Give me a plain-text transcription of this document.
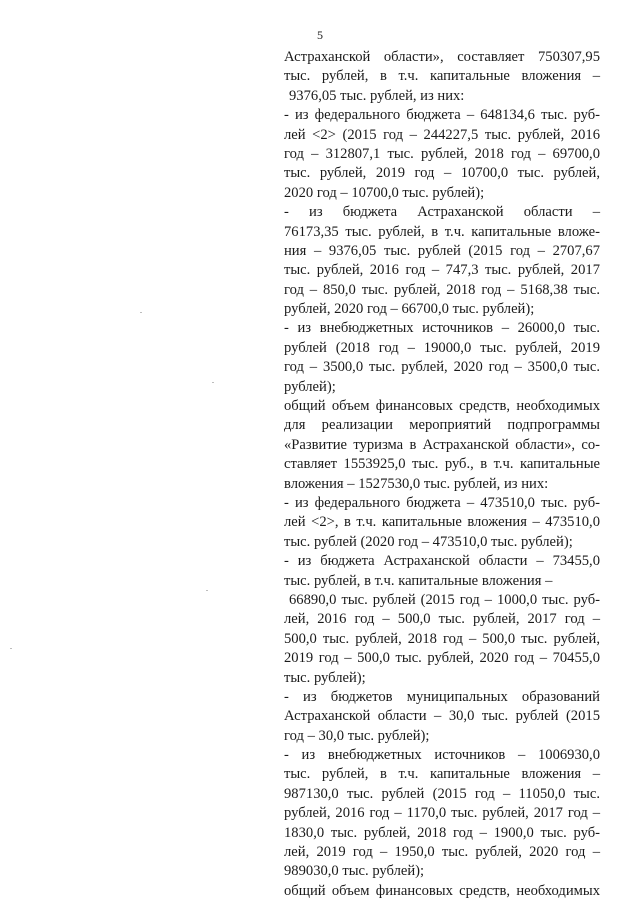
5
Астраханской области», составляет 750307,95
тыс. рублей, в т.ч. капитальные вложения –
9376,05 тыс. рублей, из них:
- из федерального бюджета – 648134,6 тыс. руб-
лей <2> (2015 год – 244227,5 тыс. рублей, 2016
год – 312807,1 тыс. рублей, 2018 год – 69700,0
тыс. рублей, 2019 год – 10700,0 тыс. рублей,
2020 год – 10700,0 тыс. рублей);
- из бюджета Астраханской области –
76173,35 тыс. рублей, в т.ч. капитальные вложе-
ния – 9376,05 тыс. рублей (2015 год – 2707,67
тыс. рублей, 2016 год – 747,3 тыс. рублей, 2017
год – 850,0 тыс. рублей, 2018 год – 5168,38 тыс.
рублей, 2020 год – 66700,0 тыс. рублей);
- из внебюджетных источников – 26000,0 тыс.
рублей (2018 год – 19000,0 тыс. рублей, 2019
год – 3500,0 тыс. рублей, 2020 год – 3500,0 тыс.
рублей);
общий объем финансовых средств, необходимых
для реализации мероприятий подпрограммы
«Развитие туризма в Астраханской области», со-
ставляет 1553925,0 тыс. руб., в т.ч. капитальные
вложения – 1527530,0 тыс. рублей, из них:
- из федерального бюджета – 473510,0 тыс. руб-
лей <2>, в т.ч. капитальные вложения – 473510,0
тыс. рублей (2020 год – 473510,0 тыс. рублей);
- из бюджета Астраханской области – 73455,0
тыс. рублей, в т.ч. капитальные вложения –
66890,0 тыс. рублей (2015 год – 1000,0 тыс. руб-
лей, 2016 год – 500,0 тыс. рублей, 2017 год –
500,0 тыс. рублей, 2018 год – 500,0 тыс. рублей,
2019 год – 500,0 тыс. рублей, 2020 год – 70455,0
тыс. рублей);
- из бюджетов муниципальных образований
Астраханской области – 30,0 тыс. рублей (2015
год – 30,0 тыс. рублей);
- из внебюджетных источников – 1006930,0
тыс. рублей, в т.ч. капитальные вложения –
987130,0 тыс. рублей (2015 год – 11050,0 тыс.
рублей, 2016 год – 1170,0 тыс. рублей, 2017 год –
1830,0 тыс. рублей, 2018 год – 1900,0 тыс. руб-
лей, 2019 год – 1950,0 тыс. рублей, 2020 год –
989030,0 тыс. рублей);
общий объем финансовых средств, необходимых
